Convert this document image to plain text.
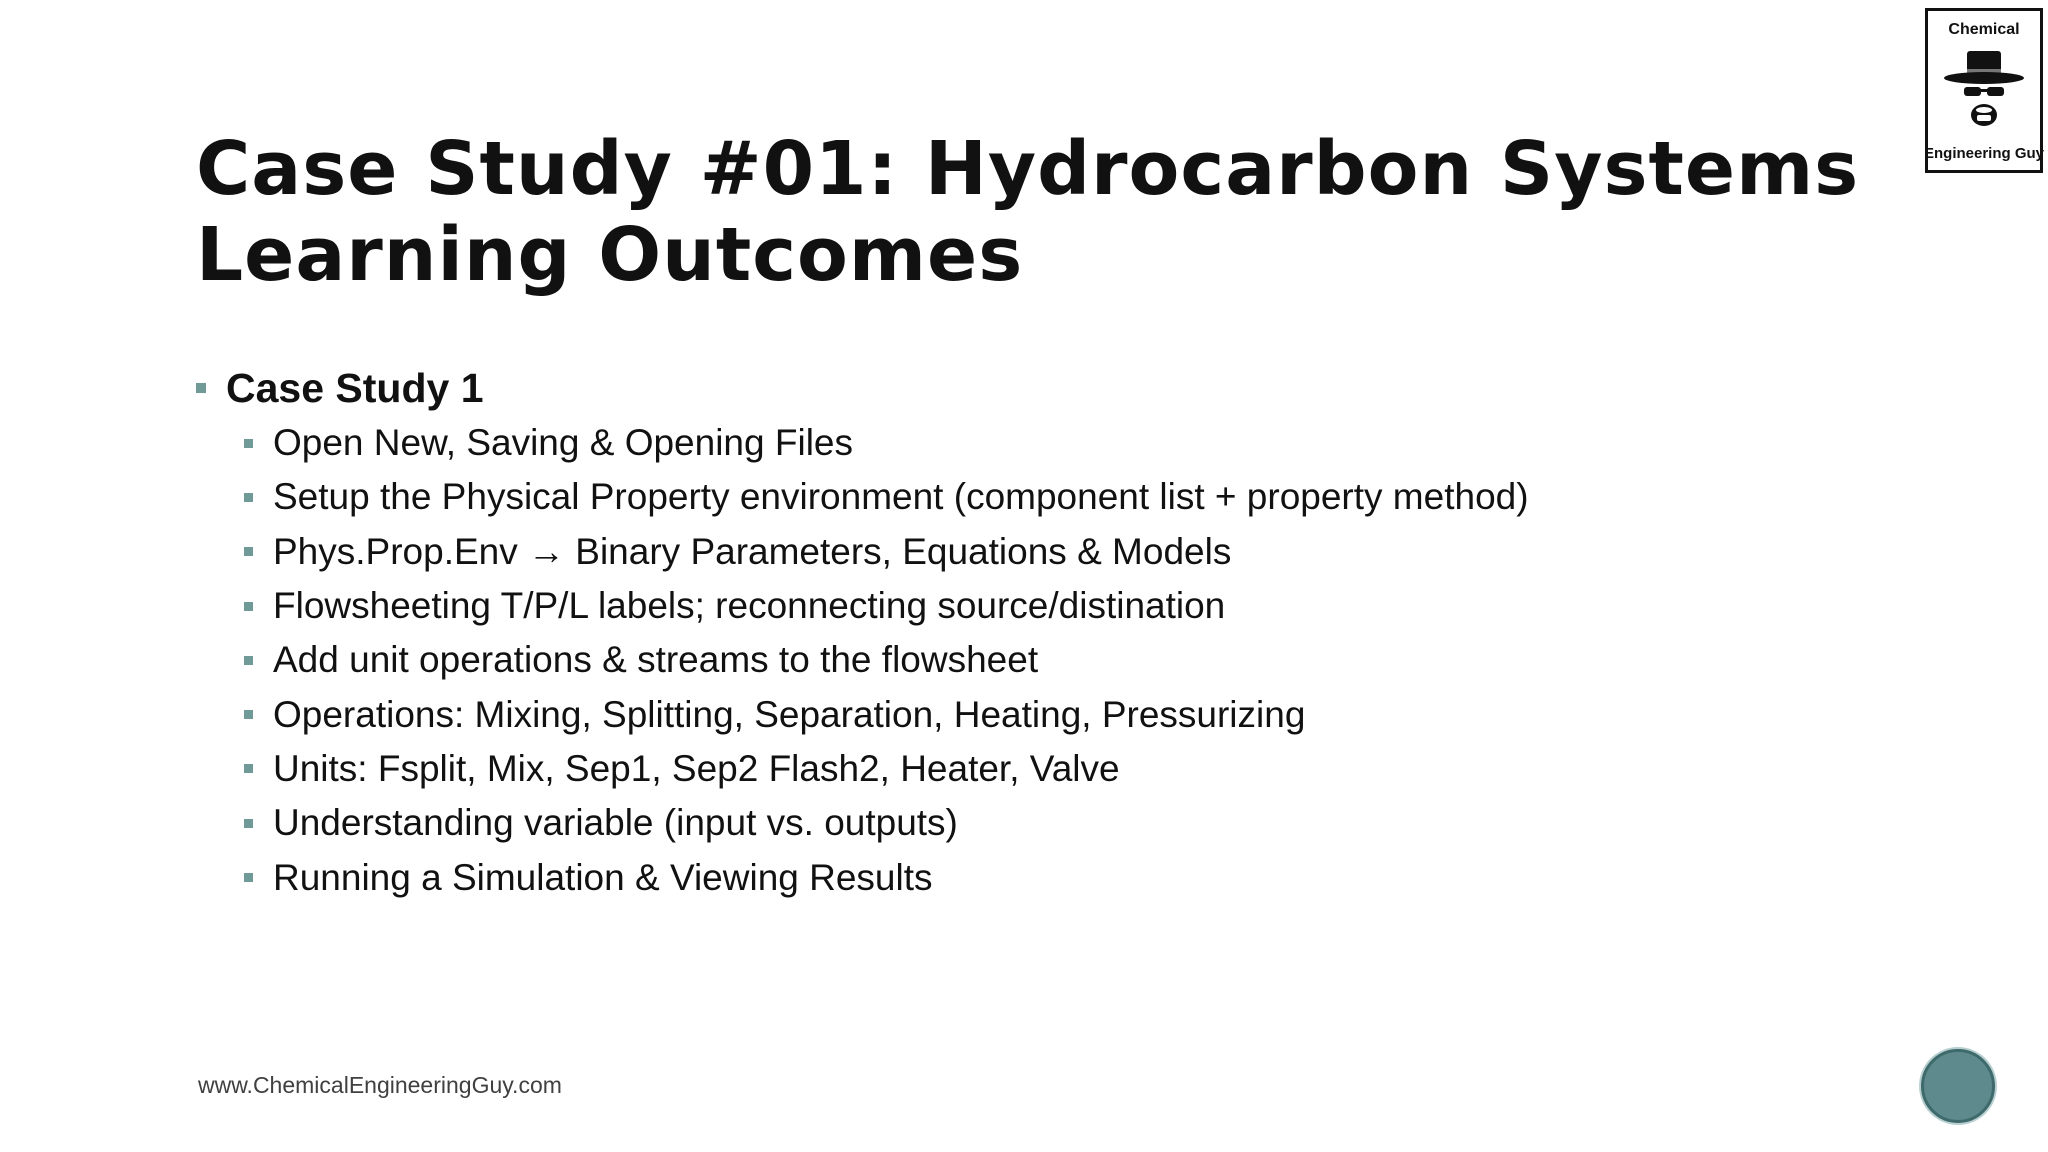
Case Study #01: Hydrocarbon Systems
Learning Outcomes
Case Study 1
Open New, Saving & Opening Files
Setup the Physical Property environment (component list + property method)
Phys.Prop.Env → Binary Parameters, Equations & Models
Flowsheeting T/P/L labels; reconnecting source/distination
Add unit operations & streams to the flowsheet
Operations: Mixing, Splitting, Separation, Heating, Pressurizing
Units: Fsplit, Mix, Sep1, Sep2 Flash2, Heater, Valve
Understanding variable (input vs. outputs)
Running a Simulation & Viewing Results
www.ChemicalEngineeringGuy.com
Chemical
Engineering Guy
